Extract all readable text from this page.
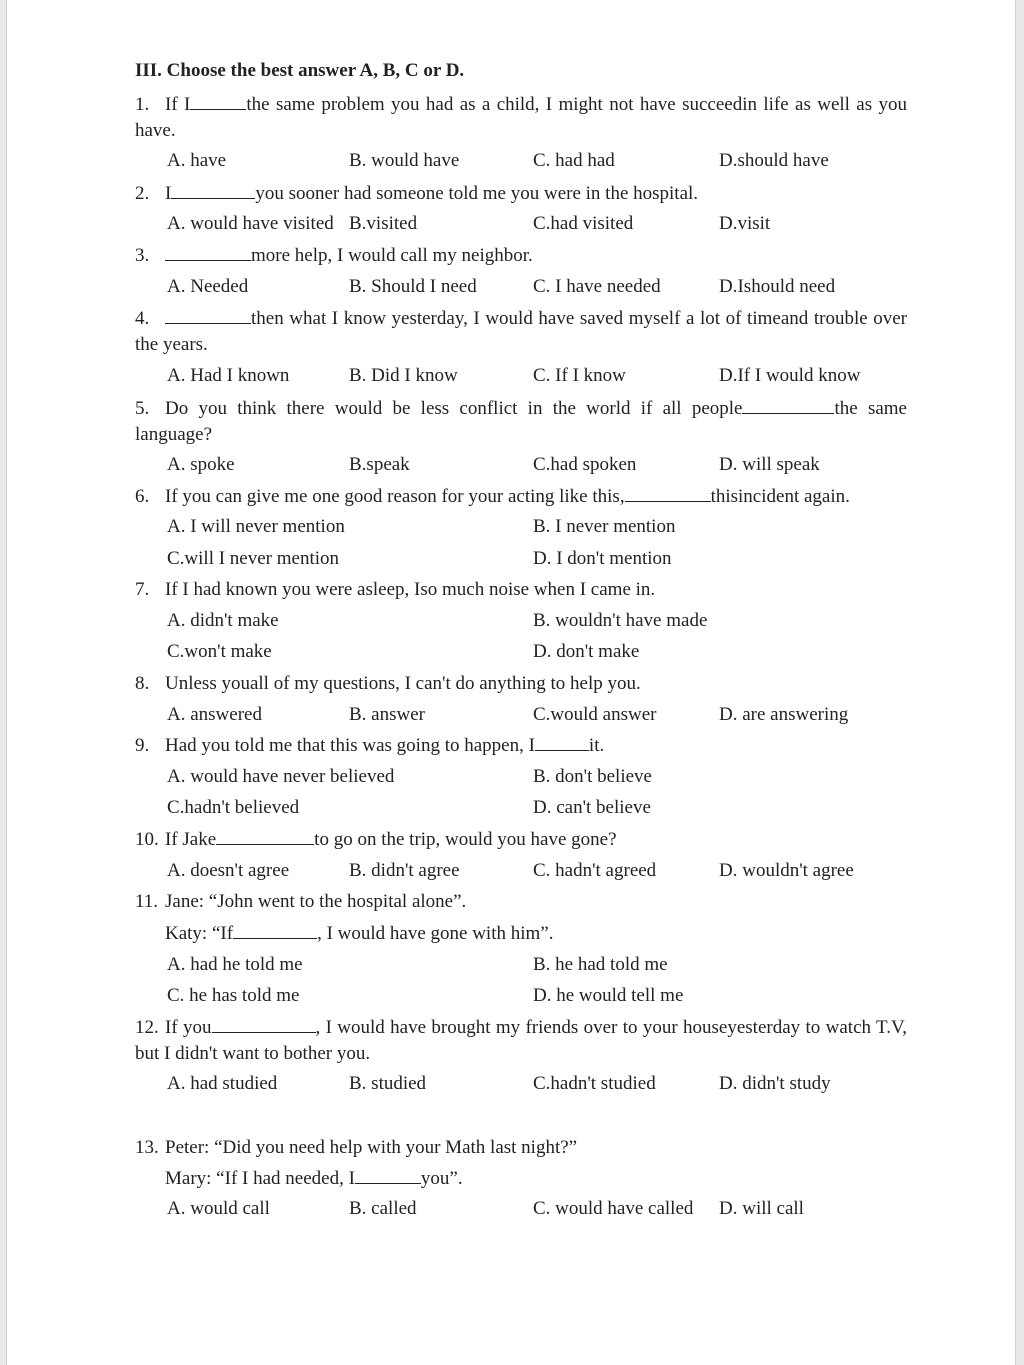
III. Choose the best answer A, B, C or D.
1. If I	the same problem you had as a child, I might not have succeedin life as well as you have.
A. have	B. would have	C. had had	D.should have
2. I	you sooner had someone told me you were in the hospital.
A. would have visited B.visited	C.had visited	D.visit
3.	more help, I would call my neighbor.
A. Needed	B. Should I need	C. I have needed	D.Ishould need
4.	then what I know yesterday, I would have saved myself a lot of timeand trouble over the years.
A. Had I known	B. Did I know	C. If I know	D.If I would know
5. Do you think there would be less conflict in the world if all people	the same language?
A. spoke	B.speak	C.had spoken	D. will speak
6. If you can give me one good reason for your acting like this,	thisincident again.
A. I will never mention	B. I never mention
C.will I never mention	D. I don't mention
7. If I had known you were asleep, Iso much noise when I came in.
A. didn't make	B. wouldn't have made
C.won't make	D. don't make
8. Unless youall of my questions, I can't do anything to help you.
A. answered	B. answer	C.would answer	D. are answering
9. Had you told me that this was going to happen, I	it.
A. would have never believed	B. don't believe
C.hadn't believed	D. can't believe
10. If Jake	to go on the trip, would you have gone?
A. doesn't agree	B. didn't agree	C. hadn't agreed	D. wouldn't agree
11. Jane: “John went to the hospital alone”.
Katy: “If	, I would have gone with him”.
A. had he told me	B. he had told me
C. he has told me	D. he would tell me
12. If you	, I would have brought my friends over to your houseyesterday to watch T.V, but I didn't want to bother you.
A. had studied	B. studied	C.hadn't studied	D. didn't study
13. Peter: “Did you need help with your Math last night?”
Mary: “If I had needed, I	you”.
A. would call	B. called	C. would have called D. will call
